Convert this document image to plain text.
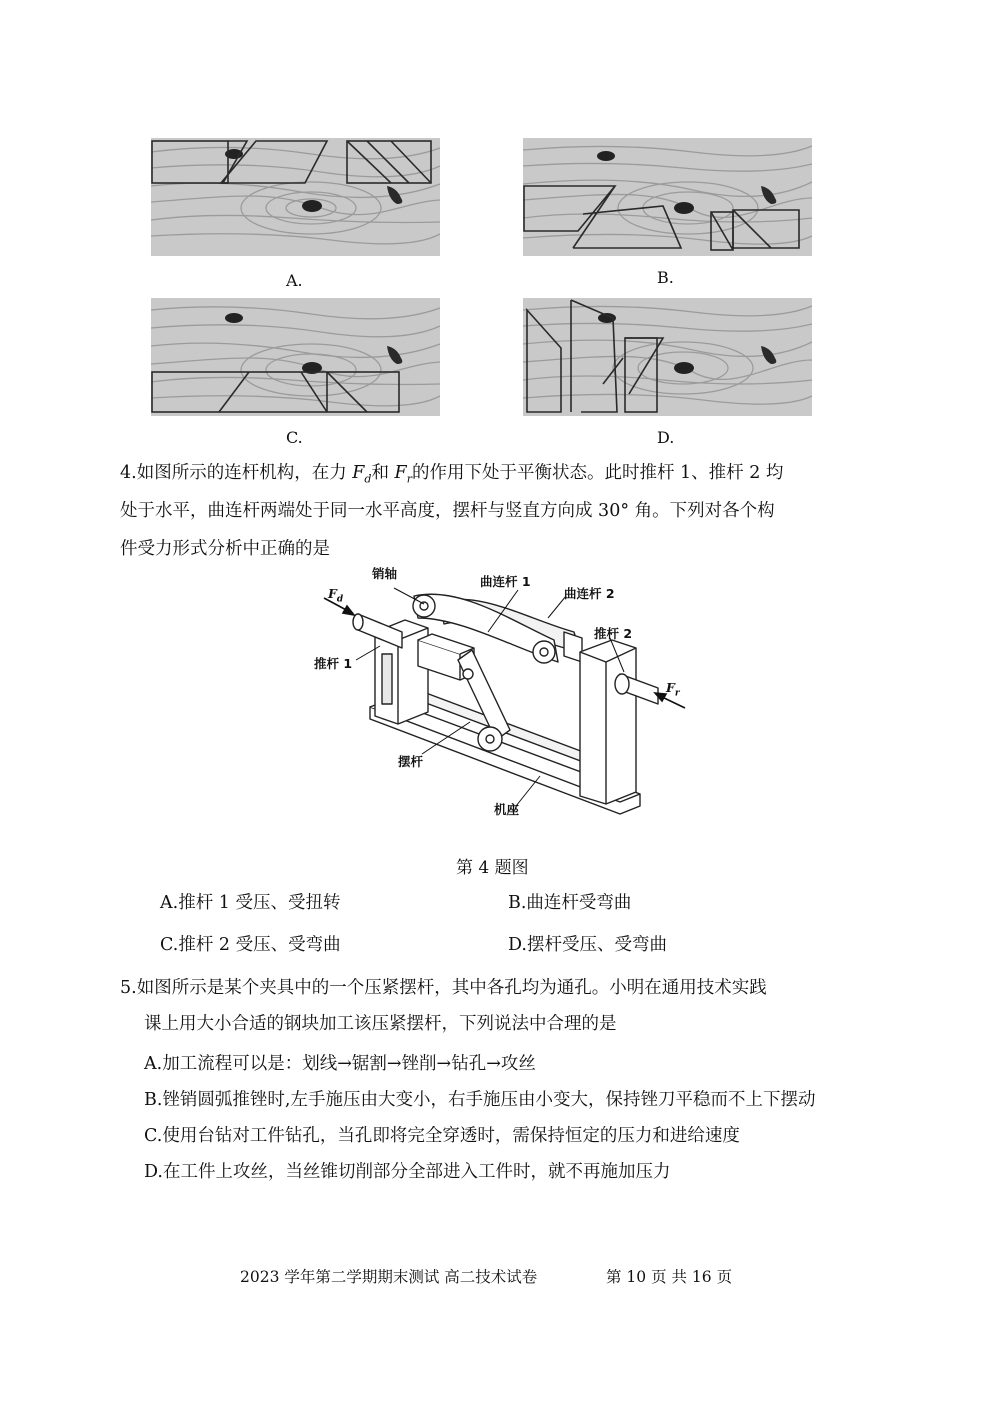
A.	B.
C.	D.
4.如图所示的连杆机构，在力 $F_d$和 $F_r$的作用下处于平衡状态。此时推杆 1、推杆 2 均
处于水平，曲连杆两端处于同一水平高度，摆杆与竖直方向成 30° 角。下列对各个构
件受力形式分析中正确的是
$F_d$
销轴
曲连杆 1
曲连杆 2
推杆 2
推杆 1
$F_r$
摆杆
机座
第 4 题图
A.推杆 1 受压、受扭转	B.曲连杆受弯曲
C.推杆 2 受压、受弯曲	D.摆杆受压、受弯曲
5.如图所示是某个夹具中的一个压紧摆杆，其中各孔均为通孔。小明在通用技术实践
课上用大小合适的钢块加工该压紧摆杆，下列说法中合理的是
A.加工流程可以是：划线→锯割→锉削→钻孔→攻丝
B.锉销圆弧推锉时,左手施压由大变小，右手施压由小变大，保持锉刀平稳而不上下摆动
C.使用台钻对工件钻孔，当孔即将完全穿透时，需保持恒定的压力和进给速度
D.在工件上攻丝，当丝锥切削部分全部进入工件时，就不再施加压力
2023 学年第二学期期末测试 高二技术试卷	第 10 页 共 16 页
